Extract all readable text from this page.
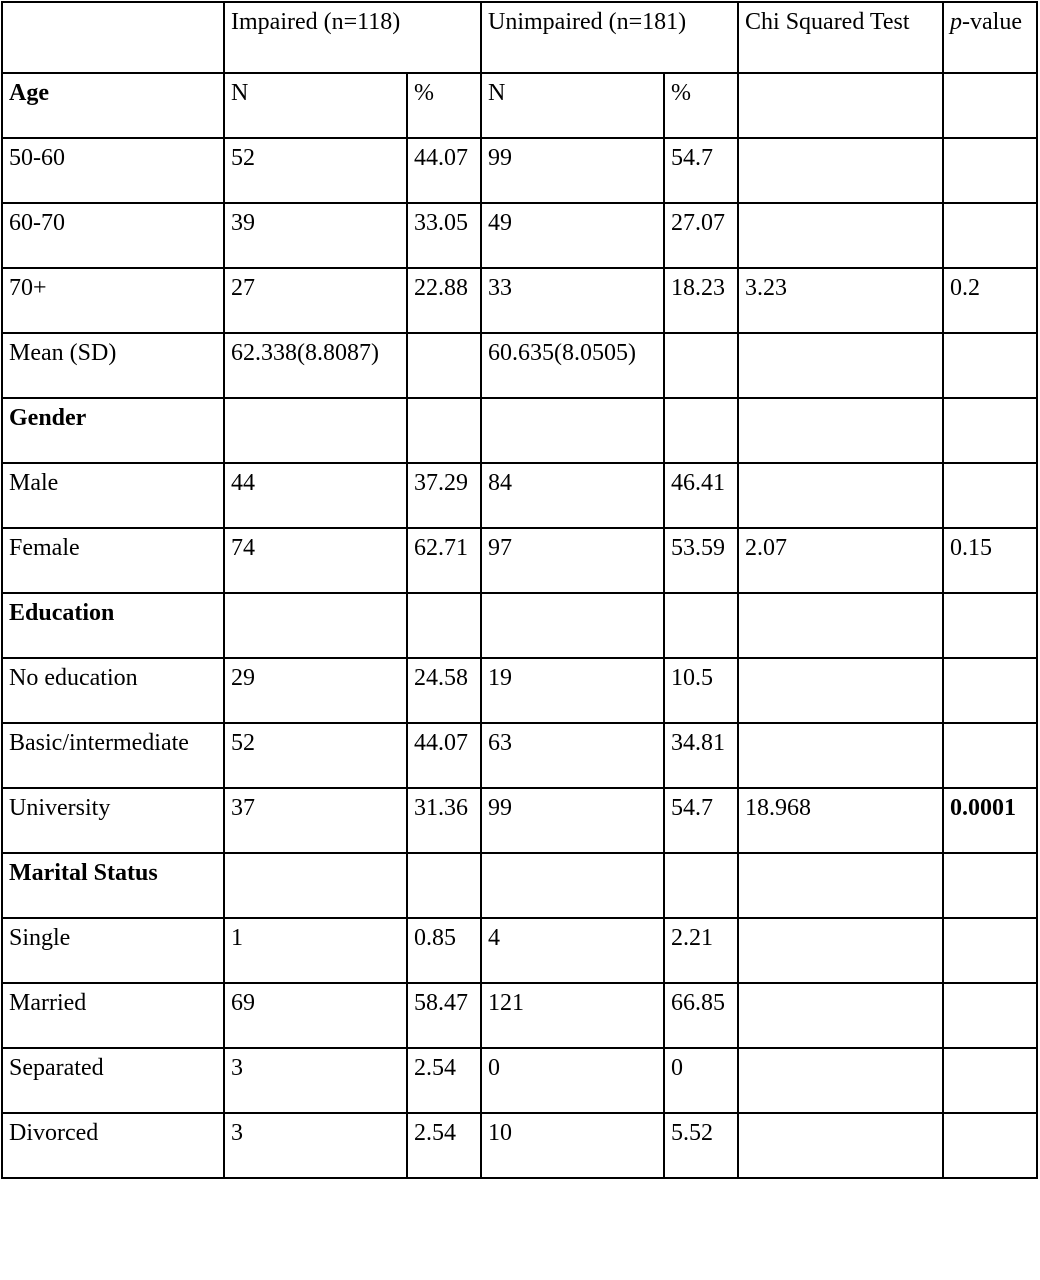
	Impaired (n=118)		Unimpaired (n=181)		Chi Squared Test	p-value
Age	N	%	N	%		
50-60	52	44.07	99	54.7		
60-70	39	33.05	49	27.07		
70+	27	22.88	33	18.23	3.23	0.2
Mean (SD)	62.338(8.8087)		60.635(8.0505)			
Gender						
Male	44	37.29	84	46.41		
Female	74	62.71	97	53.59	2.07	0.15
Education						
No education	29	24.58	19	10.5		
Basic/intermediate	52	44.07	63	34.81		
University	37	31.36	99	54.7	18.968	0.0001
Marital Status						
Single	1	0.85	4	2.21		
Married	69	58.47	121	66.85		
Separated	3	2.54	0	0		
Divorced	3	2.54	10	5.52		
